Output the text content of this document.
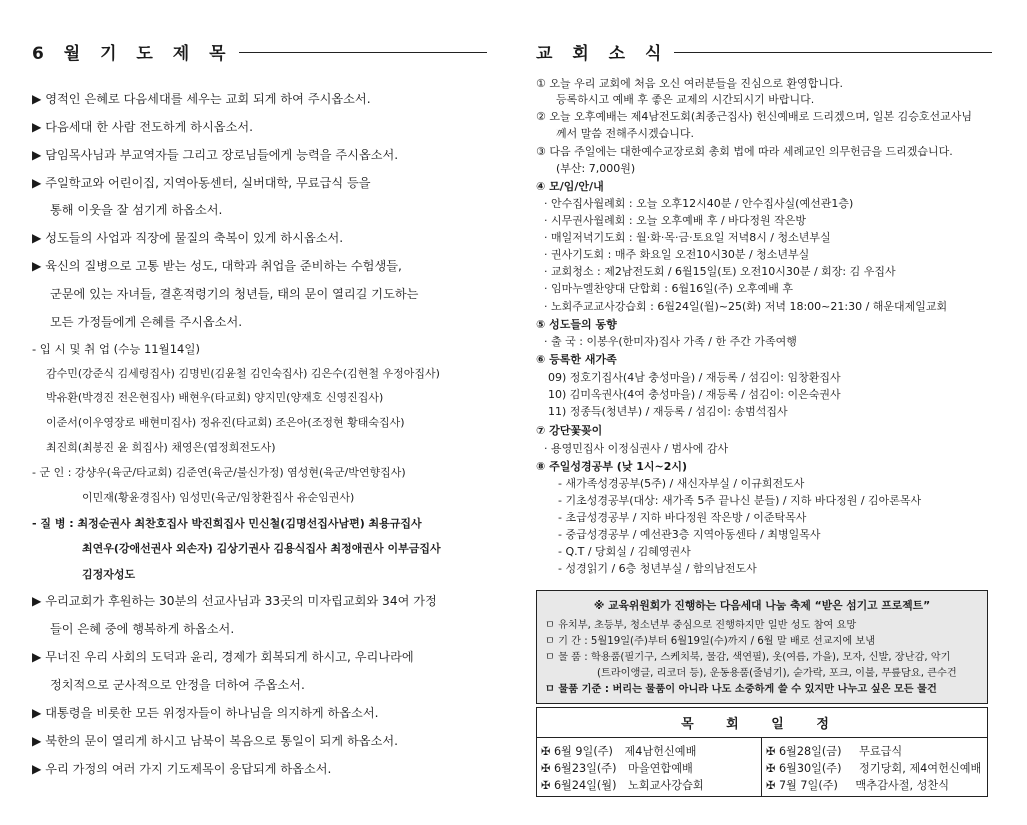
6 월 기 도 제 목
▶ 영적인 은혜로 다음세대를 세우는 교회 되게 하여 주시옵소서.
▶ 다음세대 한 사람 전도하게 하시옵소서.
▶ 담임목사님과 부교역자들 그리고 장로님들에게 능력을 주시옵소서.
▶ 주일학교와 어린이집, 지역아동센터, 실버대학, 무료급식 등을
통해 이웃을 잘 섬기게 하옵소서.
▶ 성도들의 사업과 직장에 물질의 축복이 있게 하시옵소서.
▶ 육신의 질병으로 고통 받는 성도, 대학과 취업을 준비하는 수험생들,
군문에 있는 자녀들, 결혼적령기의 청년들, 태의 문이 열리길 기도하는
모든 가정들에게 은혜를 주시옵소서.
- 입 시 및 취 업 (수능 11월14일)
감수민(강준식 김세령집사) 김명빈(김윤철 김인숙집사) 김은수(김현철 우정아집사)
박유환(박경진 전은현집사) 배현우(타교회) 양지민(양재호 신영진집사)
이준서(이우영장로 배현미집사) 정유진(타교회) 조은아(조정현 황태숙집사)
최진희(최봉진 윤 희집사) 채영은(엽정희전도사)
- 군 인 : 강샹우(육군/타교회) 김준연(육군/불신가정) 염성현(육군/박연향집사)
이민재(황윤경집사) 임성민(육군/임창환집사 유순임권사)
- 질 병 : 최정순권사 최찬호집사 박진희집사 민신철(김명선집사남편) 최용규집사
최연우(강애선권사 외손자) 김상기권사 김용식집사 최정애권사 이부금집사
김정자성도
▶ 우리교회가 후원하는 30분의 선교사님과 33곳의 미자립교회와 34여 가정
들이 은혜 중에 행복하게 하옵소서.
▶ 무너진 우리 사회의 도덕과 윤리, 경제가 회복되게 하시고, 우리나라에
정치적으로 군사적으로 안정을 더하여 주옵소서.
▶ 대통령을 비롯한 모든 위정자들이 하나님을 의지하게 하옵소서.
▶ 북한의 문이 열리게 하시고 남북이 복음으로 통일이 되게 하옵소서.
▶ 우리 가정의 여러 가지 기도제목이 응답되게 하옵소서.
교 회 소 식
① 오늘 우리 교회에 처음 오신 여러분들을 진심으로 환영합니다.
등록하시고 예배 후 좋은 교제의 시간되시기 바랍니다.
② 오늘 오후예배는 제4남전도회(최종근집사) 헌신예배로 드리겠으며, 일본 김승호선교사님
께서 말씀 전해주시겠습니다.
③ 다음 주일에는 대한예수교장로회 총회 법에 따라 세례교인 의무헌금을 드리겠습니다.
(부산: 7,000원)
④ 모/임/안/내
· 안수집사월례회 : 오늘 오후12시40분 / 안수집사실(예선관1층)
· 시무권사월례회 : 오늘 오후예배 후 / 바다정원 작은방
· 매일저녁기도회 : 월·화·목·금·토요일 저녁8시 / 청소년부실
· 권사기도회 : 매주 화요일 오전10시30분 / 청소년부실
· 교회청소 : 제2남전도회 / 6월15일(토) 오전10시30분 / 회장: 김 우집사
· 임마누엘찬양대 단합회 : 6월16일(주) 오후예배 후
· 노회주교교사강습회 : 6월24일(월)~25(화) 저녁 18:00~21:30 / 해운대제일교회
⑤ 성도들의 동향
· 출 국 : 이봉우(한미자)집사 가족 / 한 주간 가족여행
⑥ 등록한 새가족
09) 정호기집사(4남 충성마을) / 재등록 / 섬김이: 임창환집사
10) 김미옥권사(4여 충성마을) / 재등록 / 섬김이: 이은숙권사
11) 정종득(청년부) / 재등록 / 섬김이: 송범석집사
⑦ 강단꽃꽂이
· 용영민집사 이정심권사 / 범사에 감사
⑧ 주일성경공부 (낮 1시~2시)
- 새가족성경공부(5주) / 새신자부실 / 이규희전도사
- 기초성경공부(대상: 새가족 5주 끝나신 분들) / 지하 바다정원 / 김아론목사
- 초급성경공부 / 지하 바다정원 작은방 / 이준탁목사
- 중급성경공부 / 예선관3층 지역아동센타 / 최병일목사
- Q.T / 당회실 / 김혜영권사
- 성경읽기 / 6층 청년부실 / 함의남전도사
※ 교육위원회가 진행하는 다음세대 나눔 축제 “받은 섬기고 프로젝트”
ㅁ 유치부, 초등부, 청소년부 중심으로 진행하지만 일반 성도 참여 요망
ㅁ 기 간 : 5월19일(주)부터 6월19일(수)까지 / 6월 말 배로 선교지에 보냄
ㅁ 물 품 : 학용품(필기구, 스케치북, 물감, 색연필), 옷(여름, 가을), 모자, 신발, 장난감, 악기
(트라이앵글, 리코더 등), 운동용품(줄넘기), 숟가락, 포크, 이불, 무릎담요, 큰수건
ㅁ 물품 기준 : 버리는 물품이 아니라 나도 소중하게 쓸 수 있지만 나누고 싶은 모든 물건
목 회 일 정
✠ 6월 9일(주) 제4남헌신예배
✠ 6월23일(주) 마을연합예배
✠ 6월24일(월) 노회교사강습회
✠ 6월28일(금) 무료급식
✠ 6월30일(주) 정기당회, 제4여헌신예배
✠ 7월 7일(주) 맥추감사절, 성찬식
